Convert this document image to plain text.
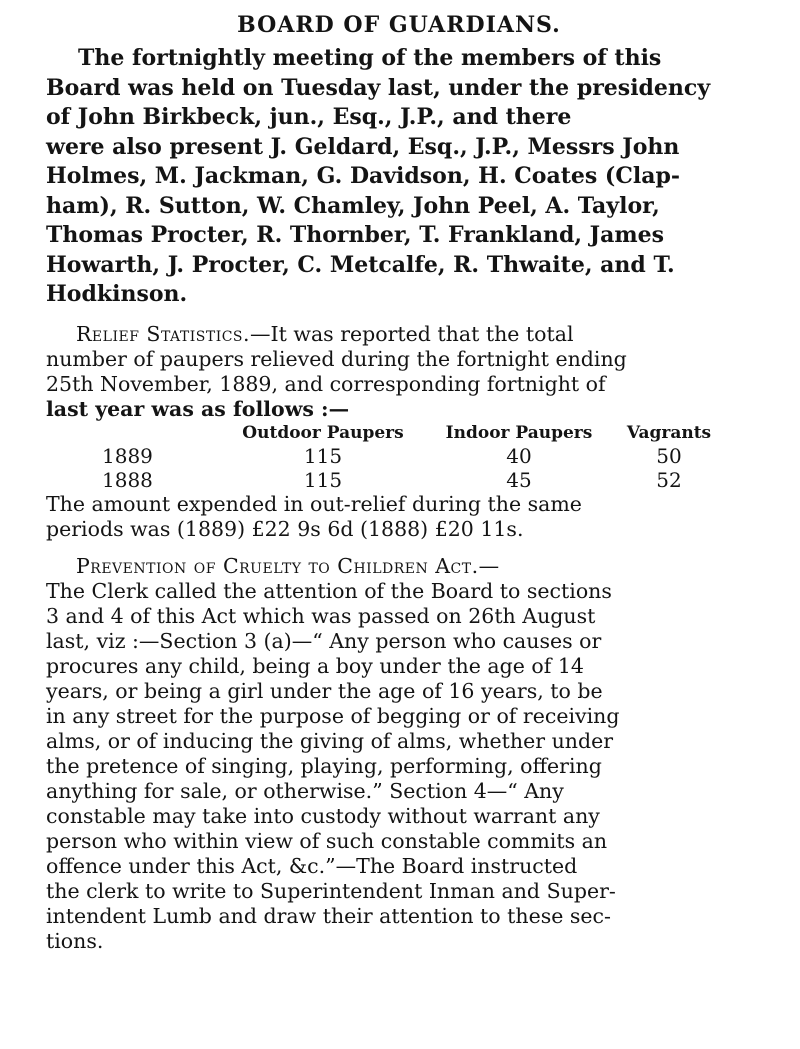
BOARD OF GUARDIANS.
The fortnightly meeting of the members of this
Board was held on Tuesday last, under the presidency
of John Birkbeck, jun., Esq., J.P., and there
were also present J. Geldard, Esq., J.P., Messrs John
Holmes, M. Jackman, G. Davidson, H. Coates (Clap-
ham), R. Sutton, W. Chamley, John Peel, A. Taylor,
Thomas Procter, R. Thornber, T. Frankland, James
Howarth, J. Procter, C. Metcalfe, R. Thwaite, and T.
Hodkinson.
Relief Statistics.—It was reported that the total
number of paupers relieved during the fortnight ending
25th November, 1889, and corresponding fortnight of
last year was as follows :—
	Outdoor Paupers	Indoor Paupers	Vagrants
1889	115	40	50
1888	115	45	52
The amount expended in out-relief during the same
periods was (1889) £22 9s 6d (1888) £20 11s.
Prevention of Cruelty to Children Act.—
The Clerk called the attention of the Board to sections
3 and 4 of this Act which was passed on 26th August
last, viz :—Section 3 (a)—“ Any person who causes or
procures any child, being a boy under the age of 14
years, or being a girl under the age of 16 years, to be
in any street for the purpose of begging or of receiving
alms, or of inducing the giving of alms, whether under
the pretence of singing, playing, performing, offering
anything for sale, or otherwise.” Section 4—“ Any
constable may take into custody without warrant any
person who within view of such constable commits an
offence under this Act, &c.”—The Board instructed
the clerk to write to Superintendent Inman and Super-
intendent Lumb and draw their attention to these sec-
tions.
